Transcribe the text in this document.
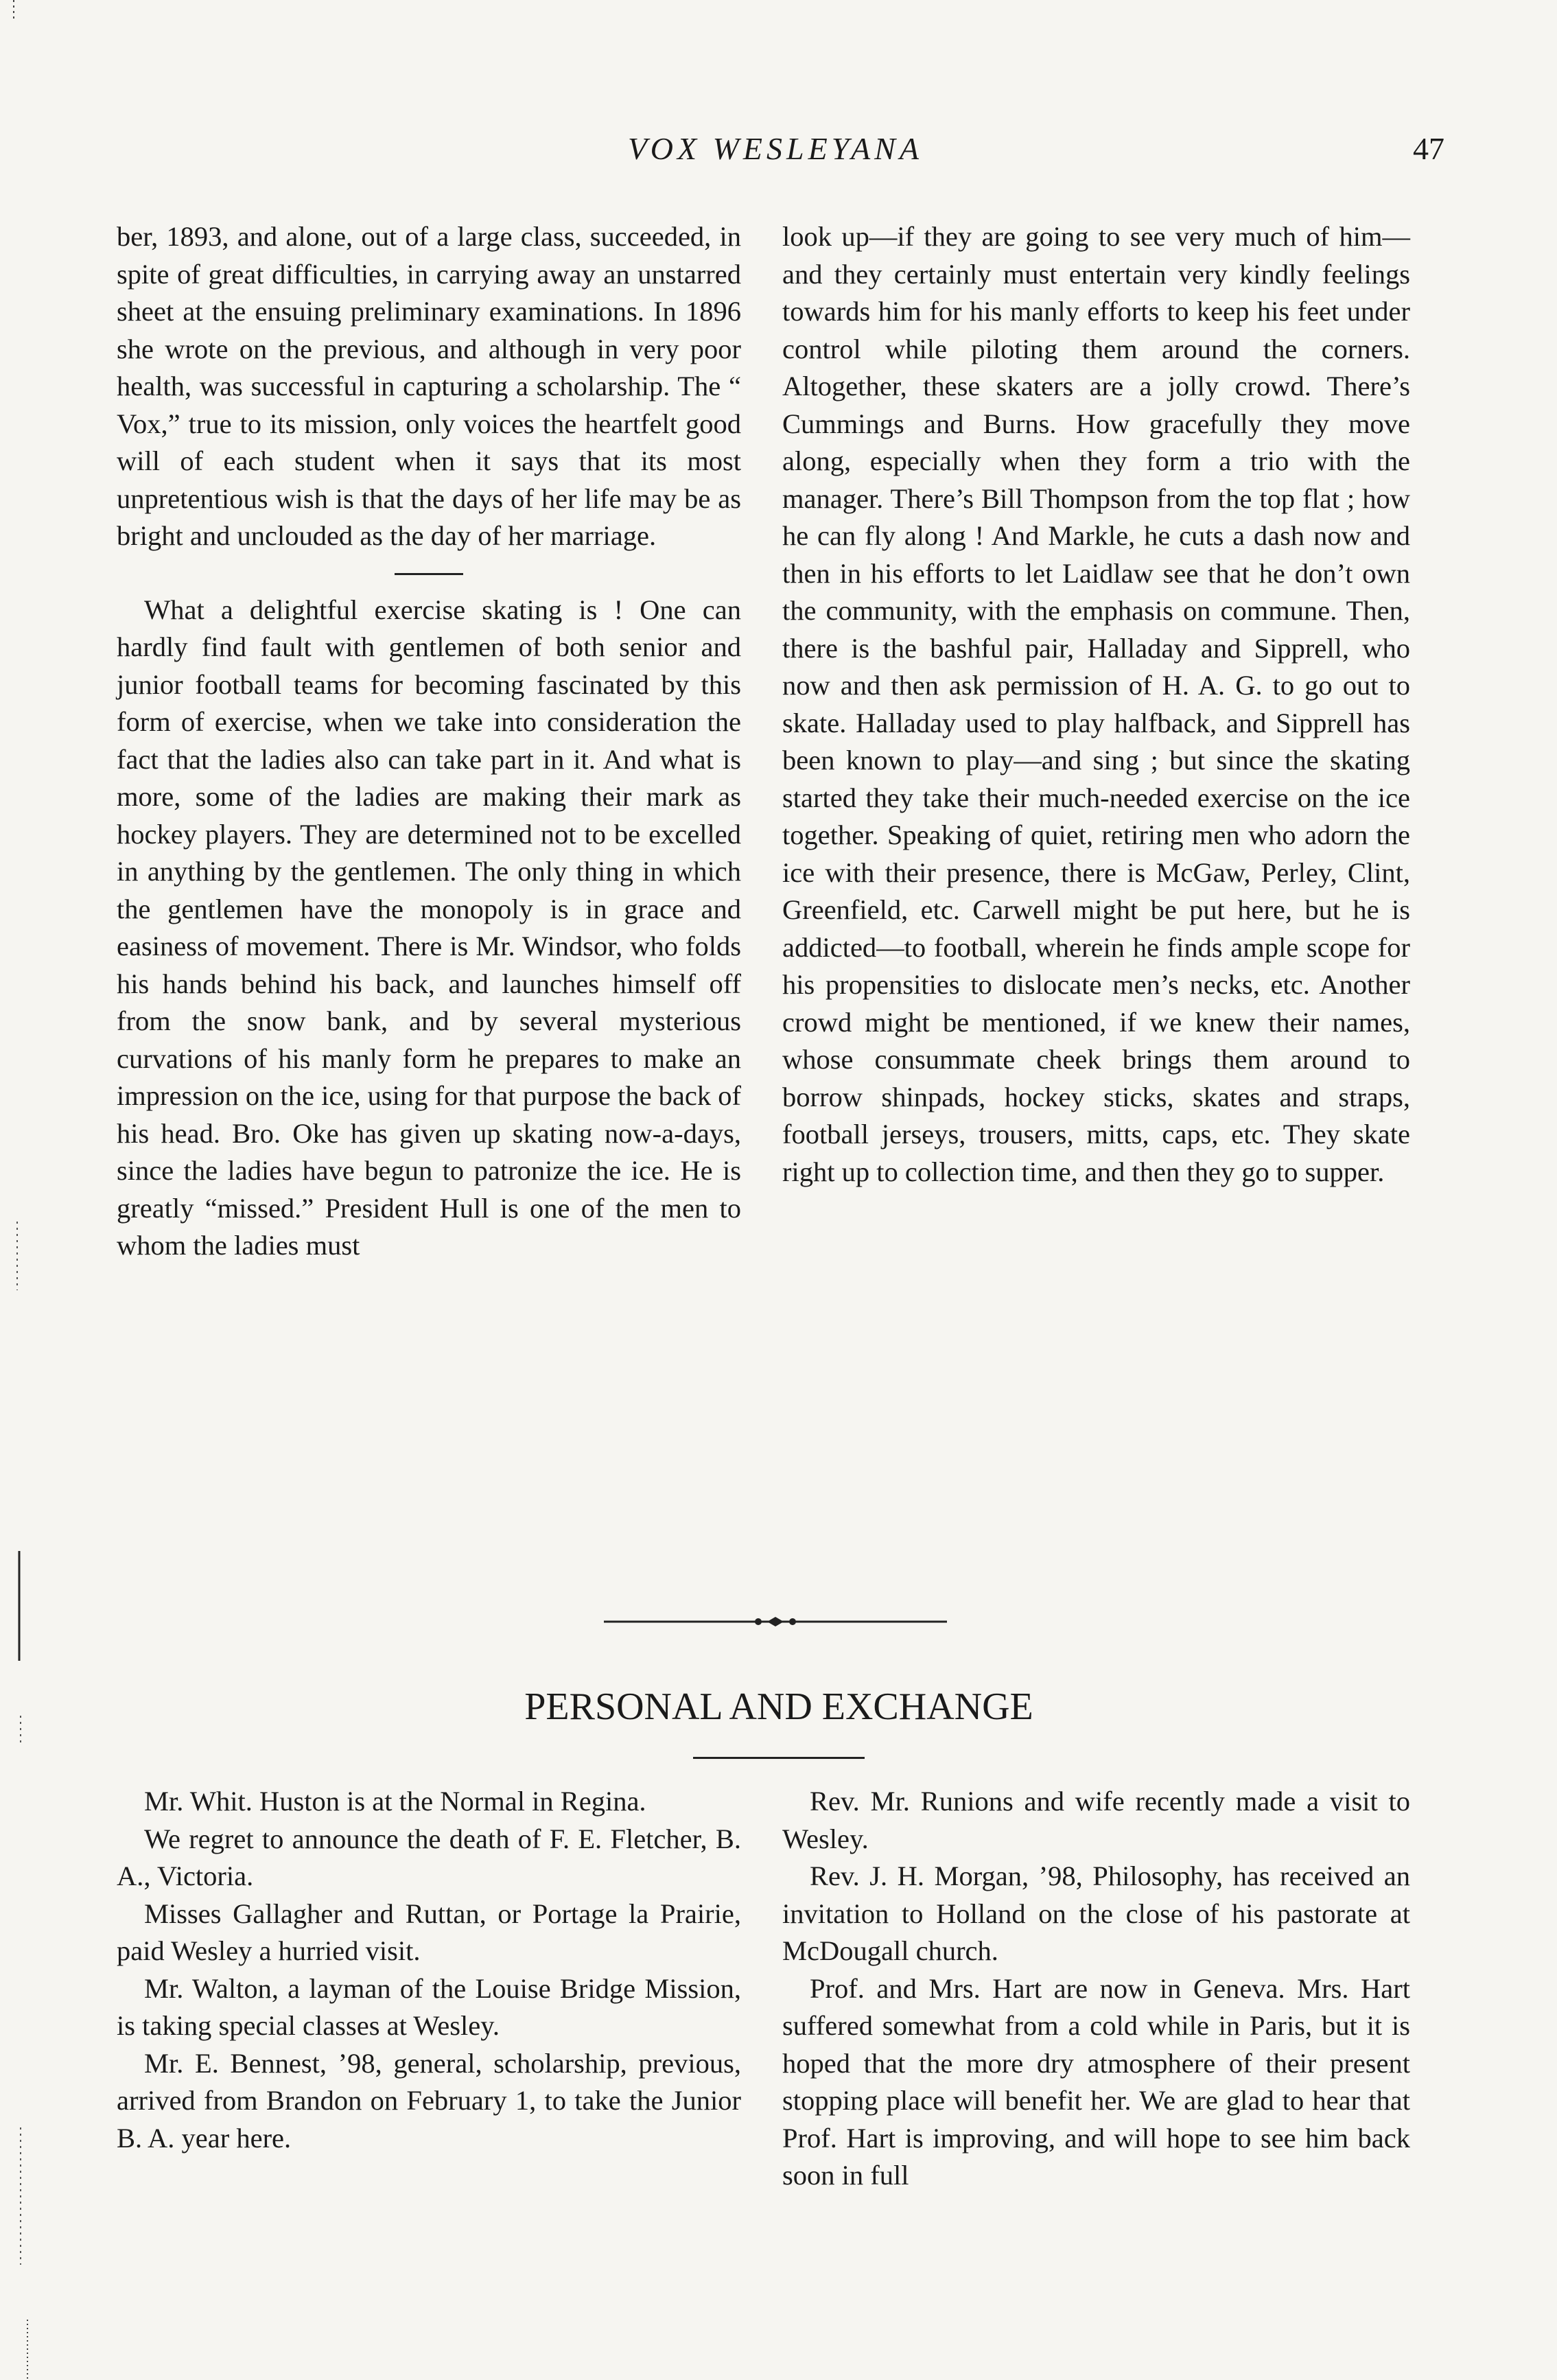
VOX WESLEYANA	47

ber, 1893, and alone, out of a large class, succeeded, in spite of great difficulties, in carrying away an unstarred sheet at the ensuing preliminary examinations. In 1896 she wrote on the previous, and although in very poor health, was successful in capturing a scholarship. The “ Vox,” true to its mission, only voices the heartfelt good will of each student when it says that its most unpretentious wish is that the days of her life may be as bright and unclouded as the day of her marriage.

What a delightful exercise skating is ! One can hardly find fault with gentlemen of both senior and junior football teams for becoming fascinated by this form of exercise, when we take into consideration the fact that the ladies also can take part in it. And what is more, some of the ladies are making their mark as hockey players. They are determined not to be excelled in anything by the gentlemen. The only thing in which the gentlemen have the monopoly is in grace and easiness of movement. There is Mr. Windsor, who folds his hands behind his back, and launches himself off from the snow bank, and by several mysterious curvations of his manly form he prepares to make an impression on the ice, using for that purpose the back of his head. Bro. Oke has given up skating now-a-days, since the ladies have begun to patronize the ice. He is greatly “missed.” President Hull is one of the men to whom the ladies must

look up—if they are going to see very much of him—and they certainly must entertain very kindly feelings towards him for his manly efforts to keep his feet under control while piloting them around the corners. Altogether, these skaters are a jolly crowd. There’s Cummings and Burns. How gracefully they move along, especially when they form a trio with the manager. There’s Bill Thompson from the top flat ; how he can fly along ! And Markle, he cuts a dash now and then in his efforts to let Laidlaw see that he don’t own the community, with the emphasis on commune. Then, there is the bashful pair, Halladay and Sipprell, who now and then ask permission of H. A. G. to go out to skate. Halladay used to play halfback, and Sipprell has been known to play—and sing ; but since the skating started they take their much-needed exercise on the ice together. Speaking of quiet, retiring men who adorn the ice with their presence, there is McGaw, Perley, Clint, Greenfield, etc. Carwell might be put here, but he is addicted—to football, wherein he finds ample scope for his propensities to dislocate men’s necks, etc. Another crowd might be mentioned, if we knew their names, whose consummate cheek brings them around to borrow shinpads, hockey sticks, skates and straps, football jerseys, trousers, mitts, caps, etc. They skate right up to collection time, and then they go to supper.

PERSONAL AND EXCHANGE

Mr. Whit. Huston is at the Normal in Regina.

We regret to announce the death of F. E. Fletcher, B. A., Victoria.

Misses Gallagher and Ruttan, or Portage la Prairie, paid Wesley a hurried visit.

Mr. Walton, a layman of the Louise Bridge Mission, is taking special classes at Wesley.

Mr. E. Bennest, ’98, general, scholarship, previous, arrived from Brandon on February 1, to take the Junior B. A. year here.

Rev. Mr. Runions and wife recently made a visit to Wesley.

Rev. J. H. Morgan, ’98, Philosophy, has received an invitation to Holland on the close of his pastorate at McDougall church.

Prof. and Mrs. Hart are now in Geneva. Mrs. Hart suffered somewhat from a cold while in Paris, but it is hoped that the more dry atmosphere of their present stopping place will benefit her. We are glad to hear that Prof. Hart is improving, and will hope to see him back soon in full
